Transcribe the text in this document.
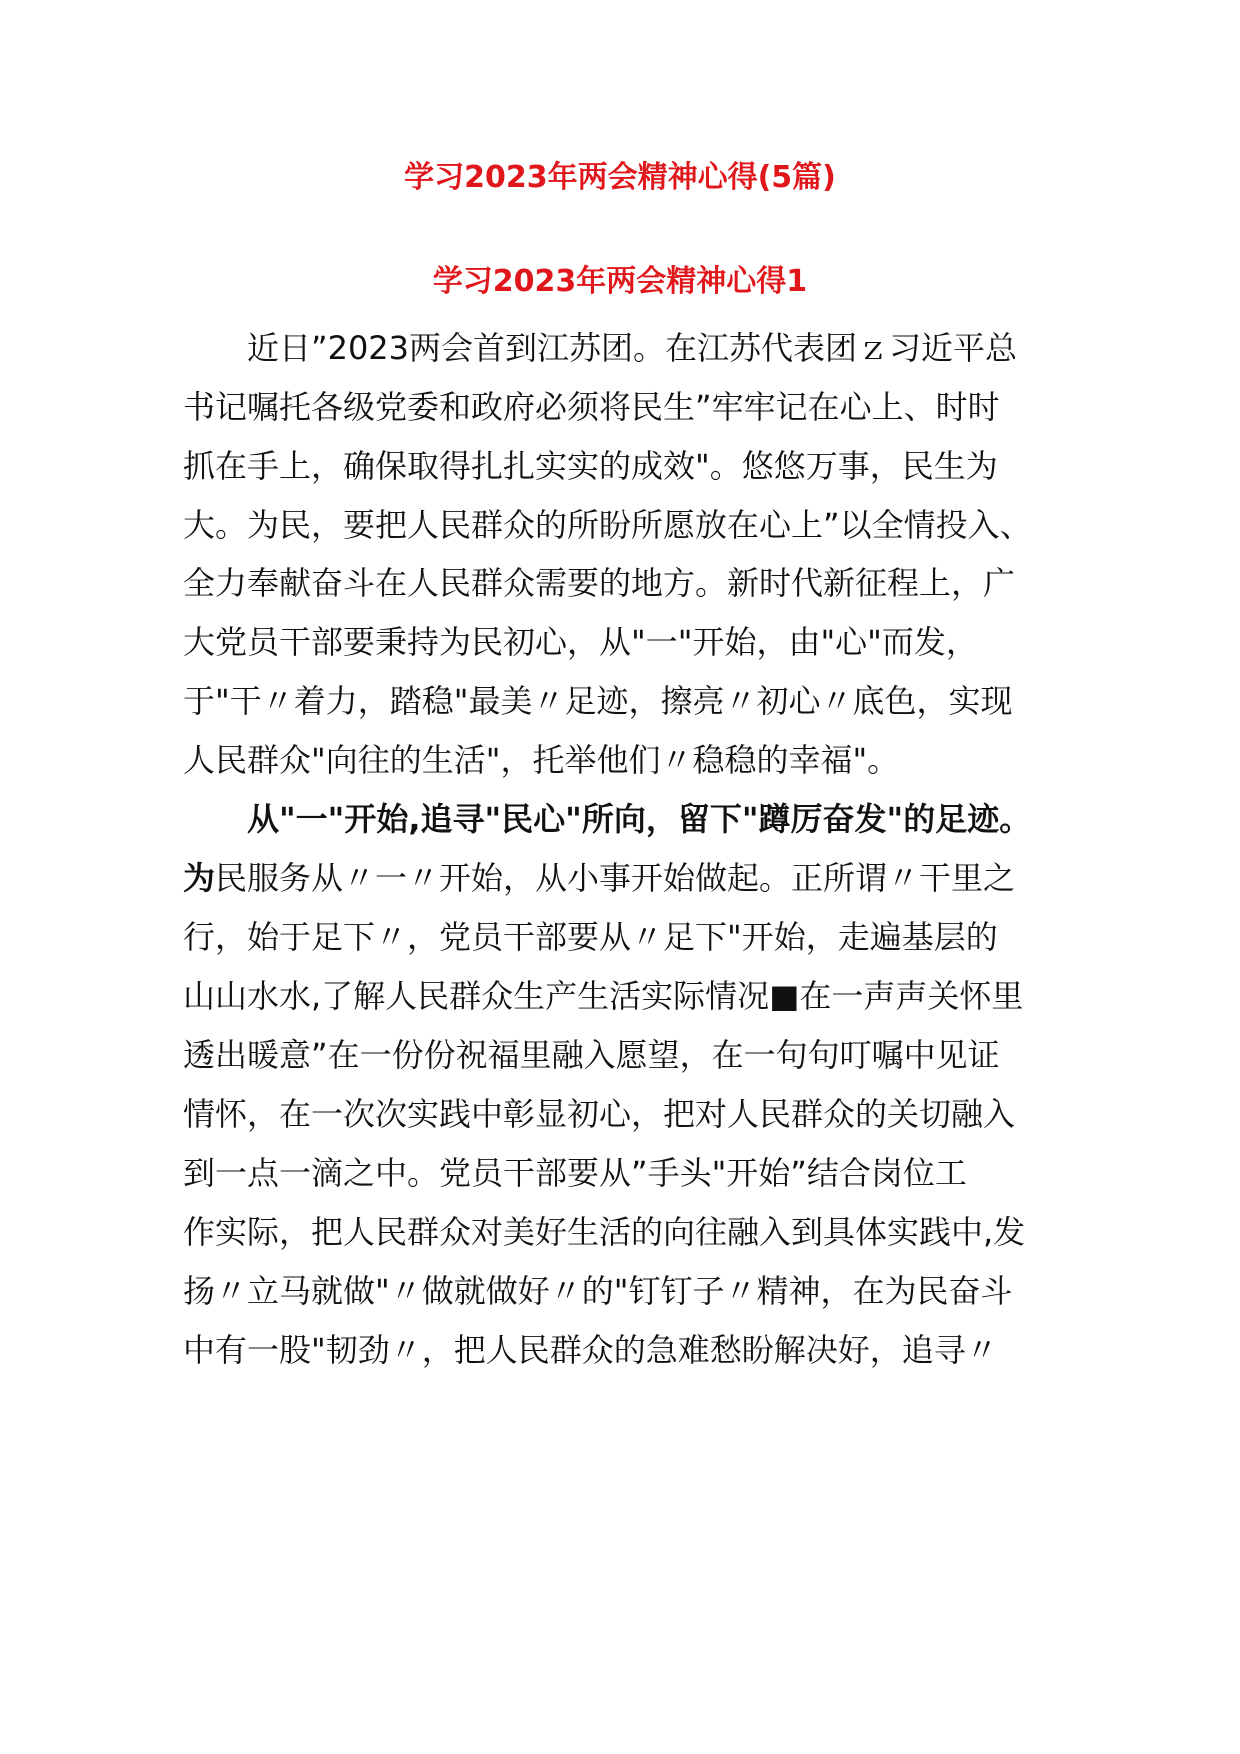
学习2023年两会精神心得(5篇)
学习2023年两会精神心得1

近日”2023两会首到江苏团。在江苏代表团ｚ习近平总

书记嘱托各级党委和政府必须将民生”牢牢记在心上、时时

抓在手上，确保取得扎扎实实的成效"。悠悠万事，民生为

大。为民，要把人民群众的所盼所愿放在心上”以全情投入、

全力奉献奋斗在人民群众需要的地方。新时代新征程上，广

大党员干部要秉持为民初心，从"一"开始，由"心"而发，

于"干〃着力，踏稳"最美〃足迹，擦亮〃初心〃底色，实现

人民群众"向往的生活"，托举他们〃稳稳的幸福"。

从"一"开始,追寻"民心"所向，留下"蹲厉奋发"的足迹。

为民服务从〃一〃开始，从小事开始做起。正所谓〃干里之

行，始于足下〃，党员干部要从〃足下"开始，走遍基层的

山山水水,了解人民群众生产生活实际情况■在一声声关怀里

透出暖意”在一份份祝福里融入愿望，在一句句叮嘱中见证

情怀，在一次次实践中彰显初心，把对人民群众的关切融入

到一点一滴之中。党员干部要从”手头"开始”结合岗位工

作实际，把人民群众对美好生活的向往融入到具体实践中,发

扬〃立马就做"〃做就做好〃的"钉钉子〃精神，在为民奋斗

中有一股"韧劲〃，把人民群众的急难愁盼解决好，追寻〃
